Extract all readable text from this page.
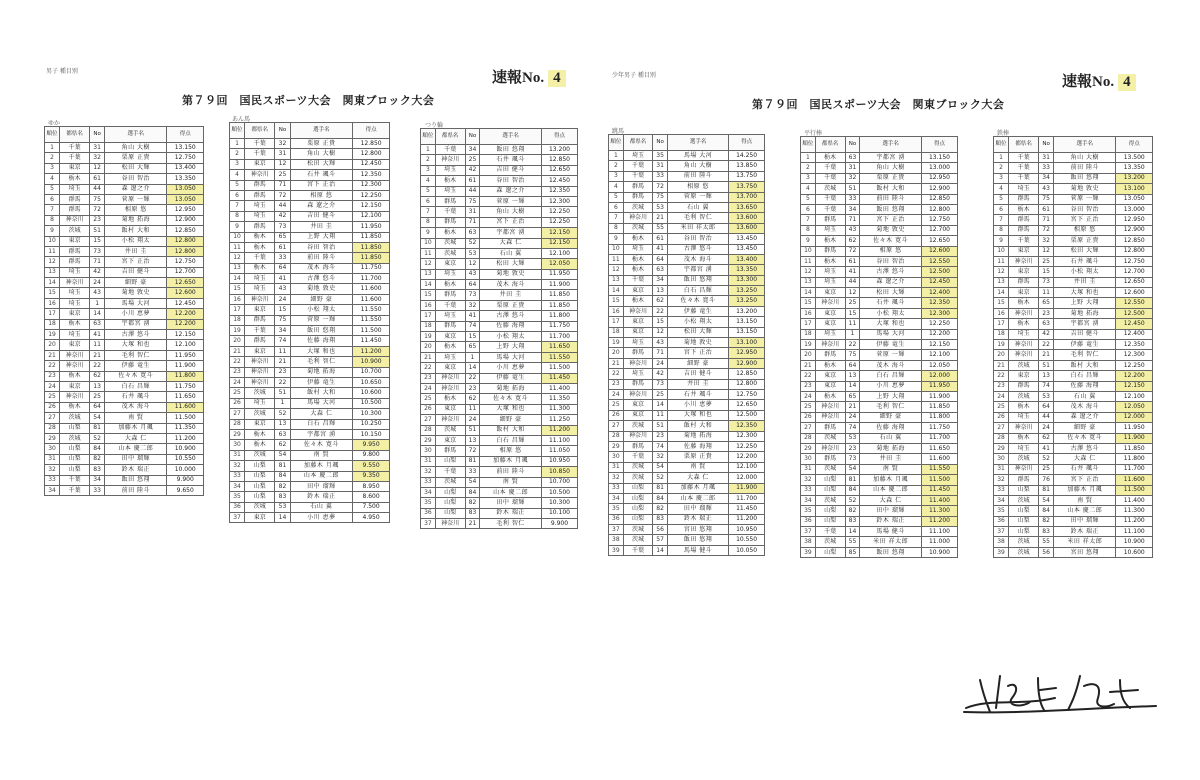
男子 種目別	速報No. 4
第７９回　国民スポーツ大会　関東ブロック大会
少年男子 種目別	速報No. 4
第７９回　国民スポーツ大会　関東ブロック大会
ゆか
あん馬
つり輪
跳馬	平行棒	鉄棒
順位	都県名	No	選手名	得点
1	千葉	31	角山 大樹	13.150
2	千葉	32	栗原 正貴	12.750
3	東京	12	松田 大輝	13.400
4	栃木	61	谷田 智治	13.350
5	埼玉	44	森 遼之介	13.050
6	群馬	75	菅原 一輝	13.050
7	群馬	72	相原 悠	12.950
8	神奈川	23	菊地 拓海	12.900
9	茨城	51	飯村 大和	12.850
10	東京	15	小松 翔太	12.800
11	群馬	73	井田 圭	12.800
12	群馬	71	宮下 正治	12.750
13	埼玉	42	吉田 健斗	12.700
14	神奈川	24	細野 豪	12.650
15	埼玉	43	菊地 敦史	12.600
16	埼玉	1	馬場 大河	12.450
17	東京	14	小川 恵夢	12.200
18	栃木	63	宇都宮 湧	12.200
19	埼玉	41	古澤 悠斗	12.150
20	東京	11	大塚 和也	12.100
21	神奈川	21	毛利 智仁	11.950
22	神奈川	22	伊藤 竜生	11.900
23	栃木	62	佐々木 寛斗	11.800
24	東京	13	白石 昌輝	11.750
25	神奈川	25	石井 颯斗	11.650
26	栃木	64	茂木 海斗	11.600
27	茨城	54	南 賢	11.500
28	山梨	81	加藤木 月颯	11.350
29	茨城	52	大森 仁	11.200
30	山梨	84	山本 慶二郎	10.900
31	山梨	82	田中 瑠輝	10.550
32	山梨	83	鈴木 瑞正	10.000
33	千葉	34	飯田 悠翔	9.900
34	千葉	33	前田 陸斗	9.650
順位	都県名	No	選手名	得点
1	千葉	32	栗原 正貴	12.850
2	千葉	31	角山 大樹	12.800
3	東京	12	松田 大輝	12.450
4	神奈川	25	石井 颯斗	12.350
5	群馬	71	宮下 正治	12.300
6	群馬	72	相原 悠	12.250
7	埼玉	44	森 遼之介	12.150
8	埼玉	42	吉田 健斗	12.100
9	群馬	73	井田 圭	11.950
10	栃木	65	上野 大翔	11.850
11	栃木	61	谷田 智治	11.850
12	千葉	33	前田 陸斗	11.850
13	栃木	64	茂木 海斗	11.750
14	埼玉	41	古澤 悠斗	11.700
15	埼玉	43	菊地 敦史	11.600
16	神奈川	24	細野 豪	11.600
17	東京	15	小松 翔太	11.550
18	群馬	75	菅原 一輝	11.550
19	千葉	34	飯田 悠翔	11.500
20	群馬	74	佐藤 海翔	11.450
21	東京	11	大塚 和也	11.200
22	神奈川	21	毛利 智仁	10.900
23	神奈川	23	菊地 拓海	10.700
24	神奈川	22	伊藤 竜生	10.650
25	茨城	51	飯村 大和	10.600
26	埼玉	1	馬場 大河	10.500
27	茨城	52	大森 仁	10.300
28	東京	13	白石 昌輝	10.250
29	栃木	63	宇都宮 湧	10.150
30	栃木	62	佐々木 寛斗	9.950
31	茨城	54	南 賢	9.800
32	山梨	81	加藤木 月颯	9.550
33	山梨	84	山本 慶二郎	9.350
34	山梨	82	田中 瑠輝	8.950
35	山梨	83	鈴木 瑞正	8.600
36	茨城	53	石山 翼	7.500
37	東京	14	小川 恵夢	4.950
順位	都県名	No	選手名	得点
1	千葉	34	飯田 悠翔	13.200
2	神奈川	25	石井 颯斗	12.850
3	埼玉	42	吉田 健斗	12.650
4	栃木	61	谷田 智治	12.450
5	埼玉	44	森 遼之介	12.350
6	群馬	75	菅原 一輝	12.300
7	千葉	31	角山 大樹	12.250
8	群馬	71	宮下 正治	12.250
9	栃木	63	宇都宮 湧	12.150
10	茨城	52	大森 仁	12.150
11	茨城	53	石山 翼	12.100
12	東京	12	松田 大輝	12.050
13	埼玉	43	菊地 敦史	11.950
14	栃木	64	茂木 海斗	11.900
15	群馬	73	井田 圭	11.850
16	千葉	32	栗原 正貴	11.850
17	埼玉	41	古澤 悠斗	11.800
18	群馬	74	佐藤 海翔	11.750
19	東京	15	小松 翔太	11.700
20	栃木	65	上野 大翔	11.650
21	埼玉	1	馬場 大河	11.550
22	東京	14	小川 恵夢	11.500
23	神奈川	22	伊藤 竜生	11.450
24	神奈川	23	菊地 拓海	11.400
25	栃木	62	佐々木 寛斗	11.350
26	東京	11	大塚 和也	11.300
27	神奈川	24	細野 豪	11.250
28	茨城	51	飯村 大和	11.200
29	東京	13	白石 昌輝	11.100
30	群馬	72	相原 悠	11.050
31	山梨	81	加藤木 月颯	10.950
32	千葉	33	前田 陸斗	10.850
33	茨城	54	南 賢	10.700
34	山梨	84	山本 慶二郎	10.500
35	山梨	82	田中 瑠輝	10.300
36	山梨	83	鈴木 瑞正	10.100
37	神奈川	21	毛利 智仁	9.900
順位	都県名	No	選手名	得点
1	埼玉	35	馬場 大河	14.250
2	千葉	31	角山 大樹	13.850
3	千葉	33	前田 陸斗	13.750
4	群馬	72	相原 悠	13.750
5	群馬	75	菅原 一輝	13.700
6	茨城	53	石山 翼	13.650
7	神奈川	21	毛利 智仁	13.600
8	茨城	55	米田 祥太郎	13.600
9	栃木	61	谷田 智治	13.450
10	埼玉	41	古澤 悠斗	13.450
11	栃木	64	茂木 海斗	13.400
12	栃木	63	宇都宮 湧	13.350
13	千葉	34	飯田 悠翔	13.300
14	東京	13	白石 昌輝	13.250
15	栃木	62	佐々木 寛斗	13.250
16	神奈川	22	伊藤 竜生	13.200
17	東京	15	小松 翔太	13.150
18	東京	12	松田 大輝	13.150
19	埼玉	43	菊地 敦史	13.100
20	群馬	71	宮下 正治	12.950
21	神奈川	24	細野 豪	12.900
22	埼玉	42	吉田 健斗	12.850
23	群馬	73	井田 圭	12.800
24	神奈川	25	石井 颯斗	12.750
25	東京	14	小川 恵夢	12.650
26	東京	11	大塚 和也	12.500
27	茨城	51	飯村 大和	12.350
28	神奈川	23	菊地 拓海	12.300
29	群馬	74	佐藤 海翔	12.250
30	千葉	32	栗原 正貴	12.200
31	茨城	54	南 賢	12.100
32	茨城	52	大森 仁	12.000
33	山梨	81	加藤木 月颯	11.900
34	山梨	84	山本 慶二郎	11.700
35	山梨	82	田中 瑠輝	11.450
36	山梨	83	鈴木 瑞正	11.200
37	茨城	56	宮田 悠翔	10.950
38	茨城	57	飯田 悠翔	10.550
39	千葉	14	馬場 健斗	10.050
順位	都県名	No	選手名	得点
1	栃木	63	宇都宮 湧	13.150
2	千葉	31	角山 大樹	13.000
3	千葉	32	栗原 正貴	12.950
4	茨城	51	飯村 大和	12.900
5	千葉	33	前田 陸斗	12.850
6	千葉	34	飯田 悠翔	12.800
7	群馬	71	宮下 正治	12.750
8	埼玉	43	菊地 敦史	12.700
9	栃木	62	佐々木 寛斗	12.650
10	群馬	72	相原 悠	12.600
11	栃木	61	谷田 智治	12.550
12	埼玉	41	古澤 悠斗	12.500
13	埼玉	44	森 遼之介	12.450
14	東京	12	松田 大輝	12.400
15	神奈川	25	石井 颯斗	12.350
16	東京	15	小松 翔太	12.300
17	東京	11	大塚 和也	12.250
18	埼玉	1	馬場 大河	12.200
19	神奈川	22	伊藤 竜生	12.150
20	群馬	75	菅原 一輝	12.100
21	栃木	64	茂木 海斗	12.050
22	東京	13	白石 昌輝	12.000
23	東京	14	小川 恵夢	11.950
24	栃木	65	上野 大翔	11.900
25	神奈川	21	毛利 智仁	11.850
26	神奈川	24	細野 豪	11.800
27	群馬	74	佐藤 海翔	11.750
28	茨城	53	石山 翼	11.700
29	神奈川	23	菊地 拓海	11.650
30	群馬	73	井田 圭	11.600
31	茨城	54	南 賢	11.550
32	山梨	81	加藤木 月颯	11.500
33	山梨	84	山本 慶二郎	11.450
34	茨城	52	大森 仁	11.400
35	山梨	82	田中 瑠輝	11.300
36	山梨	83	鈴木 瑞正	11.200
37	千葉	14	馬場 健斗	11.100
38	茨城	55	米田 祥太郎	11.000
39	山梨	85	飯田 悠翔	10.900
順位	都県名	No	選手名	得点
1	千葉	31	角山 大樹	13.500
2	千葉	33	前田 陸斗	13.350
3	千葉	34	飯田 悠翔	13.200
4	埼玉	43	菊地 敦史	13.100
5	群馬	75	菅原 一輝	13.050
6	栃木	61	谷田 智治	13.000
7	群馬	71	宮下 正治	12.950
8	群馬	72	相原 悠	12.900
9	千葉	32	栗原 正貴	12.850
10	東京	12	松田 大輝	12.800
11	神奈川	25	石井 颯斗	12.750
12	東京	15	小松 翔太	12.700
13	群馬	73	井田 圭	12.650
14	東京	11	大塚 和也	12.600
15	栃木	65	上野 大翔	12.550
16	神奈川	23	菊地 拓海	12.500
17	栃木	63	宇都宮 湧	12.450
18	埼玉	42	吉田 健斗	12.400
19	神奈川	22	伊藤 竜生	12.350
20	神奈川	21	毛利 智仁	12.300
21	茨城	51	飯村 大和	12.250
22	東京	13	白石 昌輝	12.200
23	群馬	74	佐藤 海翔	12.150
24	茨城	53	石山 翼	12.100
25	栃木	64	茂木 海斗	12.050
26	埼玉	44	森 遼之介	12.000
27	神奈川	24	細野 豪	11.950
28	栃木	62	佐々木 寛斗	11.900
29	埼玉	41	古澤 悠斗	11.850
30	茨城	52	大森 仁	11.800
31	神奈川	25	石井 颯斗	11.700
32	群馬	76	宮下 正治	11.600
33	山梨	81	加藤木 月颯	11.500
34	茨城	54	南 賢	11.400
35	山梨	84	山本 慶二郎	11.300
36	山梨	82	田中 瑠輝	11.200
37	山梨	83	鈴木 瑞正	11.100
38	茨城	55	米田 祥太郎	10.900
39	茨城	56	宮田 悠翔	10.600
